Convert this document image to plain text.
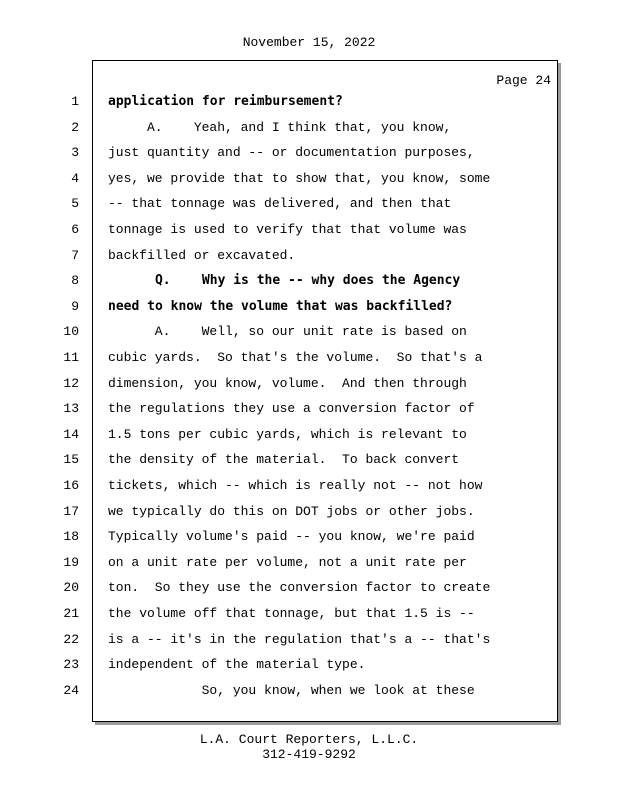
November 15, 2022
Page 24
1 application for reimbursement?
2 A.    Yeah, and I think that, you know,
3 just quantity and -- or documentation purposes,
4 yes, we provide that to show that, you know, some
5 -- that tonnage was delivered, and then that
6 tonnage is used to verify that that volume was
7 backfilled or excavated.
8 Q.    Why is the -- why does the Agency
9 need to know the volume that was backfilled?
10 A.    Well, so our unit rate is based on
11 cubic yards.  So that's the volume.  So that's a
12 dimension, you know, volume.  And then through
13 the regulations they use a conversion factor of
14 1.5 tons per cubic yards, which is relevant to
15 the density of the material.  To back convert
16 tickets, which -- which is really not -- not how
17 we typically do this on DOT jobs or other jobs.
18 Typically volume's paid -- you know, we're paid
19 on a unit rate per volume, not a unit rate per
20 ton.  So they use the conversion factor to create
21 the volume off that tonnage, but that 1.5 is --
22 is a -- it's in the regulation that's a -- that's
23 independent of the material type.
24 So, you know, when we look at these
L.A. Court Reporters, L.L.C.
312-419-9292
